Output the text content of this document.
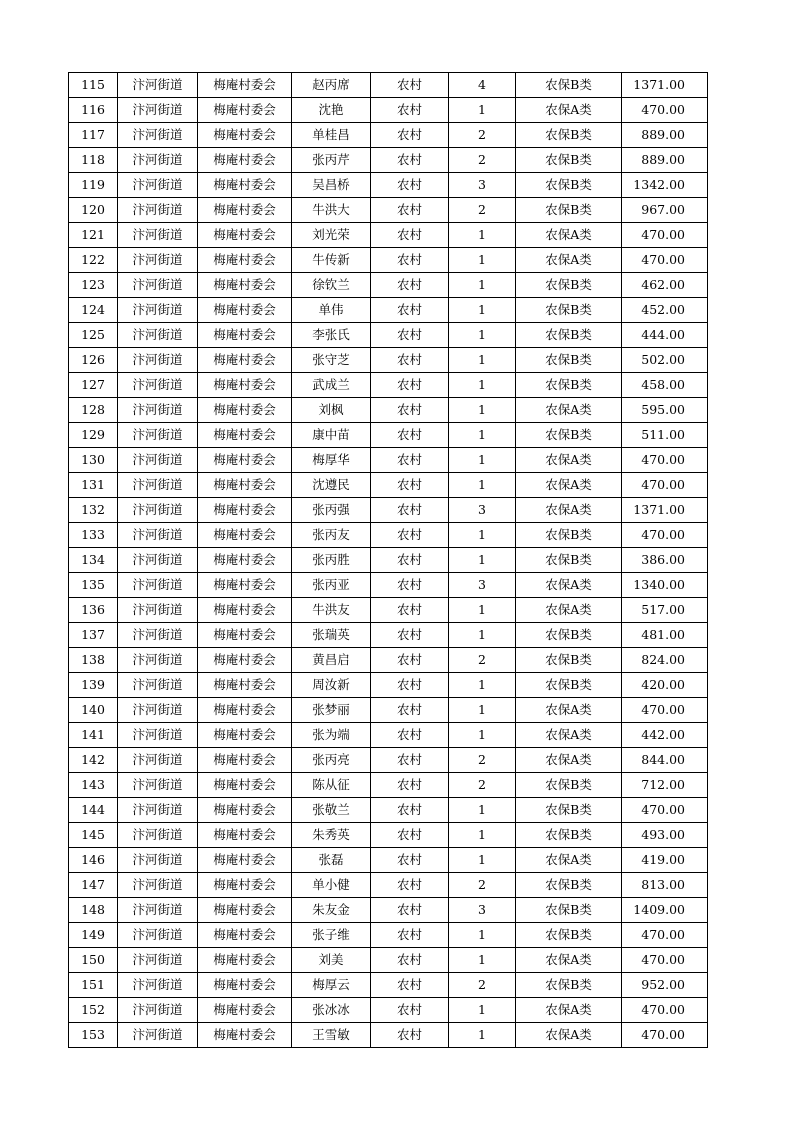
115	汴河街道	梅庵村委会	赵丙席	农村	4	农保B类	1371.00
116	汴河街道	梅庵村委会	沈艳	农村	1	农保A类	470.00
117	汴河街道	梅庵村委会	单桂昌	农村	2	农保B类	889.00
118	汴河街道	梅庵村委会	张丙芹	农村	2	农保B类	889.00
119	汴河街道	梅庵村委会	吴昌桥	农村	3	农保B类	1342.00
120	汴河街道	梅庵村委会	牛洪大	农村	2	农保B类	967.00
121	汴河街道	梅庵村委会	刘光荣	农村	1	农保A类	470.00
122	汴河街道	梅庵村委会	牛传新	农村	1	农保A类	470.00
123	汴河街道	梅庵村委会	徐钦兰	农村	1	农保B类	462.00
124	汴河街道	梅庵村委会	单伟	农村	1	农保B类	452.00
125	汴河街道	梅庵村委会	李张氏	农村	1	农保B类	444.00
126	汴河街道	梅庵村委会	张守芝	农村	1	农保B类	502.00
127	汴河街道	梅庵村委会	武成兰	农村	1	农保B类	458.00
128	汴河街道	梅庵村委会	刘枫	农村	1	农保A类	595.00
129	汴河街道	梅庵村委会	康中苗	农村	1	农保B类	511.00
130	汴河街道	梅庵村委会	梅厚华	农村	1	农保A类	470.00
131	汴河街道	梅庵村委会	沈遵民	农村	1	农保A类	470.00
132	汴河街道	梅庵村委会	张丙强	农村	3	农保A类	1371.00
133	汴河街道	梅庵村委会	张丙友	农村	1	农保B类	470.00
134	汴河街道	梅庵村委会	张丙胜	农村	1	农保B类	386.00
135	汴河街道	梅庵村委会	张丙亚	农村	3	农保A类	1340.00
136	汴河街道	梅庵村委会	牛洪友	农村	1	农保A类	517.00
137	汴河街道	梅庵村委会	张瑞英	农村	1	农保B类	481.00
138	汴河街道	梅庵村委会	黄昌启	农村	2	农保B类	824.00
139	汴河街道	梅庵村委会	周汝新	农村	1	农保B类	420.00
140	汴河街道	梅庵村委会	张梦丽	农村	1	农保A类	470.00
141	汴河街道	梅庵村委会	张为端	农村	1	农保A类	442.00
142	汴河街道	梅庵村委会	张丙亮	农村	2	农保A类	844.00
143	汴河街道	梅庵村委会	陈从征	农村	2	农保B类	712.00
144	汴河街道	梅庵村委会	张敬兰	农村	1	农保B类	470.00
145	汴河街道	梅庵村委会	朱秀英	农村	1	农保B类	493.00
146	汴河街道	梅庵村委会	张磊	农村	1	农保A类	419.00
147	汴河街道	梅庵村委会	单小健	农村	2	农保B类	813.00
148	汴河街道	梅庵村委会	朱友金	农村	3	农保B类	1409.00
149	汴河街道	梅庵村委会	张子维	农村	1	农保B类	470.00
150	汴河街道	梅庵村委会	刘美	农村	1	农保A类	470.00
151	汴河街道	梅庵村委会	梅厚云	农村	2	农保B类	952.00
152	汴河街道	梅庵村委会	张冰冰	农村	1	农保A类	470.00
153	汴河街道	梅庵村委会	王雪敏	农村	1	农保A类	470.00
